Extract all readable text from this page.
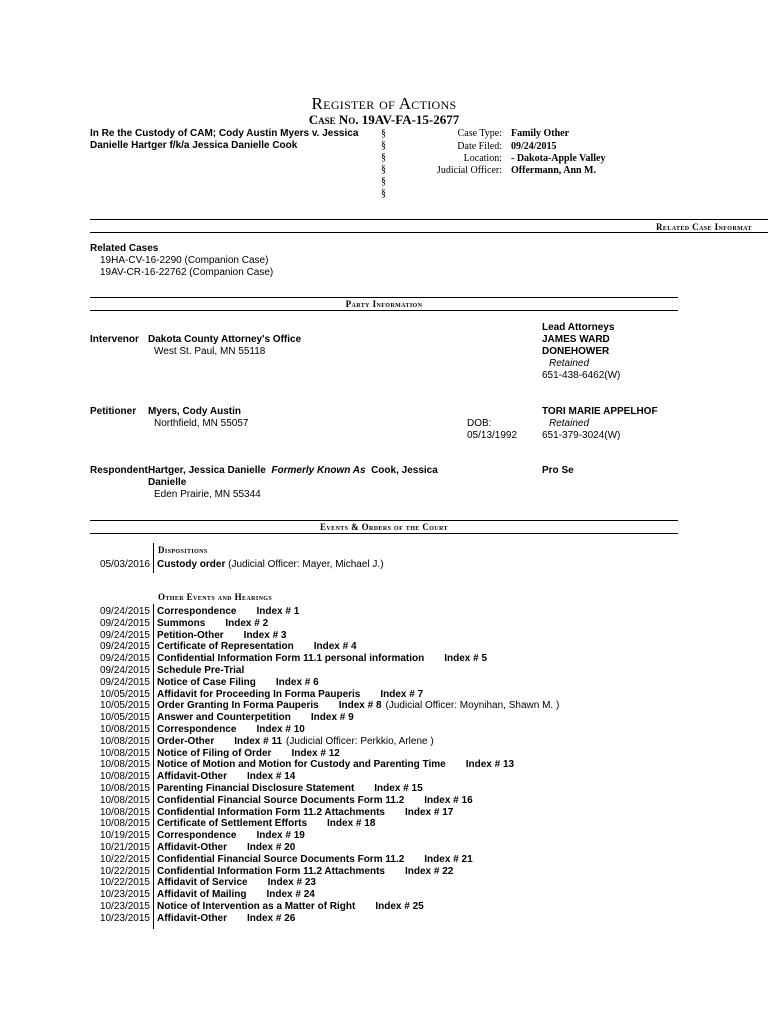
Register of Actions
Case No. 19AV-FA-15-2677
In Re the Custody of CAM; Cody Austin Myers v. Jessica Danielle Hartger f/k/a Jessica Danielle Cook
§
§
§
§
§
§
Case Type: Family Other
Date Filed: 09/24/2015
Location: - Dakota-Apple Valley
Judicial Officer: Offermann, Ann M.
Related Case Informat
Related Cases
19HA-CV-16-2290 (Companion Case)
19AV-CR-16-22762 (Companion Case)
Party Information
Lead Attorneys
Intervenor Dakota County Attorney's Office
West St. Paul, MN 55118
JAMES WARD
DONEHOWER
Retained
651-438-6462(W)
Petitioner Myers, Cody Austin
Northfield, MN 55057	DOB:
05/13/1992
TORI MARIE APPELHOF
Retained
651-379-3024(W)
Respondent Hartger, Jessica Danielle Formerly Known As Cook, Jessica
Danielle
Eden Prairie, MN 55344
Pro Se
Events & Orders of the Court
Dispositions
05/03/2016 Custody order (Judicial Officer: Mayer, Michael J.)
Other Events and Hearings
09/24/2015 Correspondence Index # 1
09/24/2015 Summons Index # 2
09/24/2015 Petition-Other Index # 3
09/24/2015 Certificate of Representation Index # 4
09/24/2015 Confidential Information Form 11.1 personal information Index # 5
09/24/2015 Schedule Pre-Trial
09/24/2015 Notice of Case Filing Index # 6
10/05/2015 Affidavit for Proceeding In Forma Pauperis Index # 7
10/05/2015 Order Granting In Forma Pauperis Index # 8 (Judicial Officer: Moynihan, Shawn M. )
10/05/2015 Answer and Counterpetition Index # 9
10/08/2015 Correspondence Index # 10
10/08/2015 Order-Other Index # 11 (Judicial Officer: Perkkio, Arlene )
10/08/2015 Notice of Filing of Order Index # 12
10/08/2015 Notice of Motion and Motion for Custody and Parenting Time Index # 13
10/08/2015 Affidavit-Other Index # 14
10/08/2015 Parenting Financial Disclosure Statement Index # 15
10/08/2015 Confidential Financial Source Documents Form 11.2 Index # 16
10/08/2015 Confidential Information Form 11.2 Attachments Index # 17
10/08/2015 Certificate of Settlement Efforts Index # 18
10/19/2015 Correspondence Index # 19
10/21/2015 Affidavit-Other Index # 20
10/22/2015 Confidential Financial Source Documents Form 11.2 Index # 21
10/22/2015 Confidential Information Form 11.2 Attachments Index # 22
10/22/2015 Affidavit of Service Index # 23
10/23/2015 Affidavit of Mailing Index # 24
10/23/2015 Notice of Intervention as a Matter of Right Index # 25
10/23/2015 Affidavit-Other Index # 26
